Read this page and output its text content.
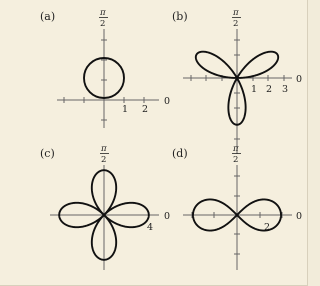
(a)	π
2
1 2
0
(b)	π
2
1 2 3
0
(c)	π
2
4
0
(d)	π
2
2
0
